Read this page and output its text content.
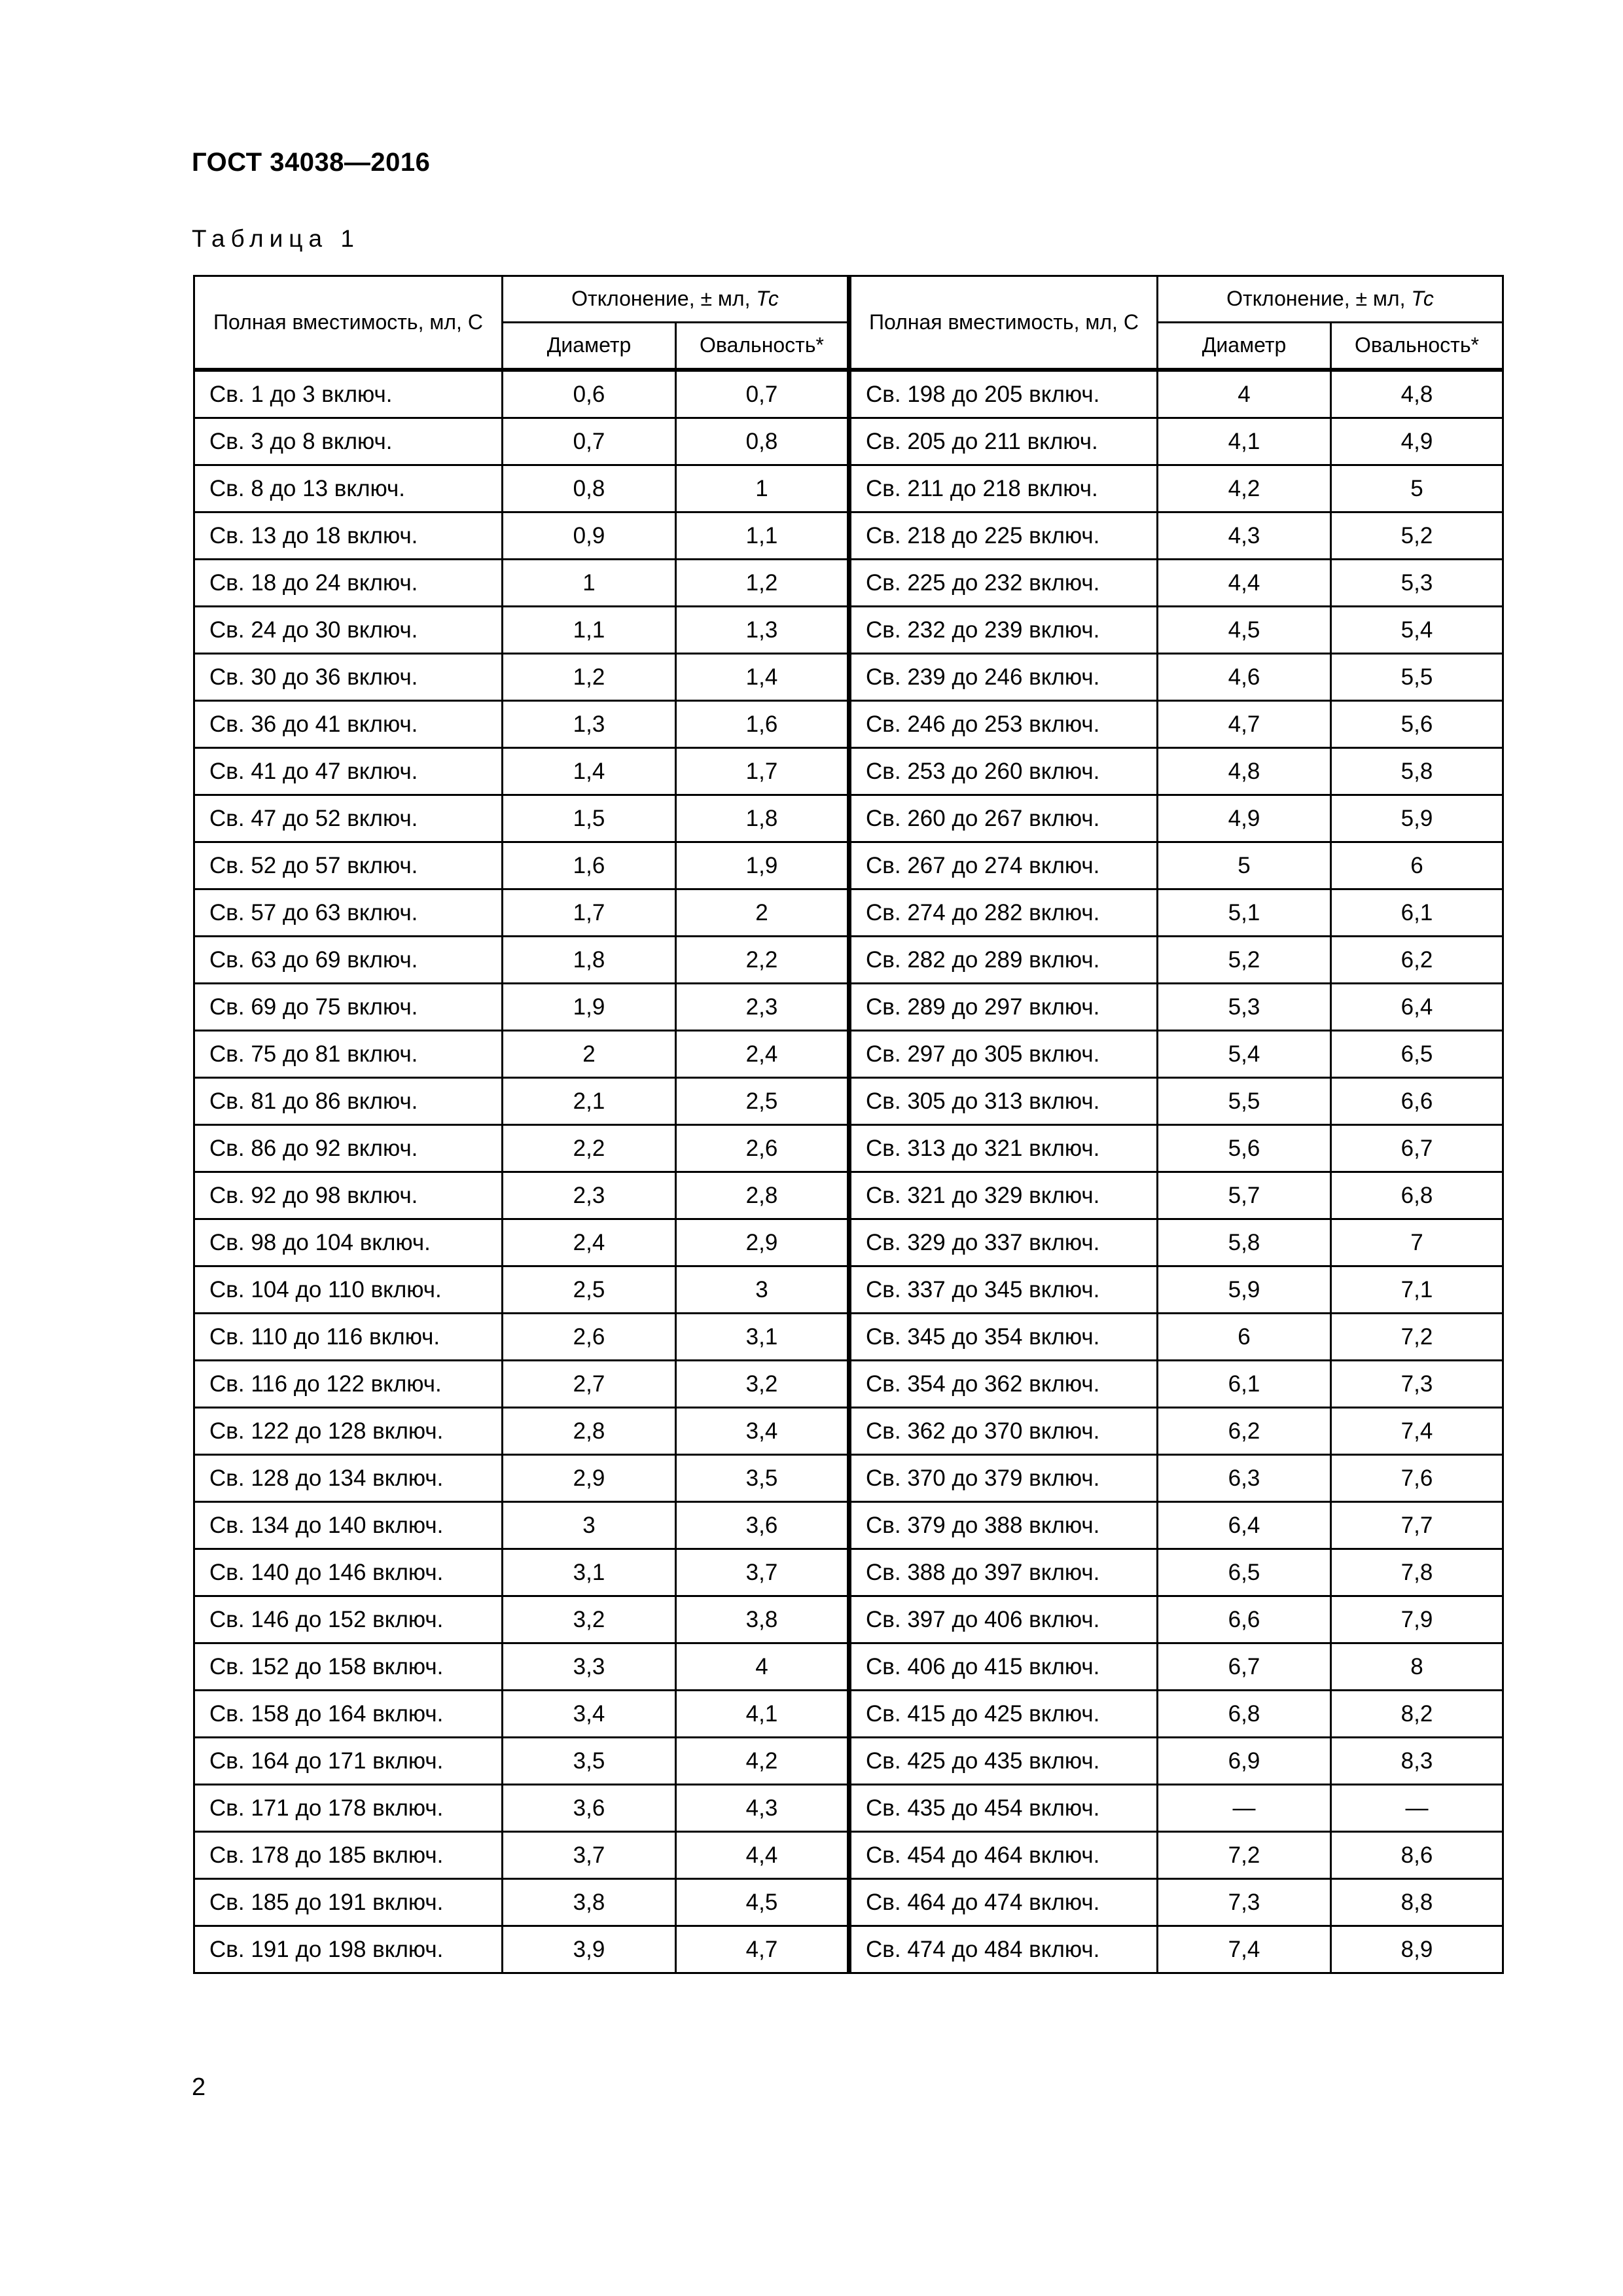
ГОСТ 34038—2016
Таблица 1
Полная вместимость, мл, С	Отклонение, ± мл, Тс		Полная вместимость, мл, С	Отклонение, ± мл, Тс	
	Диаметр	Овальность*		Диаметр	Овальность*
Св. 1 до 3 включ.	0,6	0,7	Св. 198 до 205 включ.	4	4,8
Св. 3 до 8 включ.	0,7	0,8	Св. 205 до 211 включ.	4,1	4,9
Св. 8 до 13 включ.	0,8	1	Св. 211 до 218 включ.	4,2	5
Св. 13 до 18 включ.	0,9	1,1	Св. 218 до 225 включ.	4,3	5,2
Св. 18 до 24 включ.	1	1,2	Св. 225 до 232 включ.	4,4	5,3
Св. 24 до 30 включ.	1,1	1,3	Св. 232 до 239 включ.	4,5	5,4
Св. 30 до 36 включ.	1,2	1,4	Св. 239 до 246 включ.	4,6	5,5
Св. 36 до 41 включ.	1,3	1,6	Св. 246 до 253 включ.	4,7	5,6
Св. 41 до 47 включ.	1,4	1,7	Св. 253 до 260 включ.	4,8	5,8
Св. 47 до 52 включ.	1,5	1,8	Св. 260 до 267 включ.	4,9	5,9
Св. 52 до 57 включ.	1,6	1,9	Св. 267 до 274 включ.	5	6
Св. 57 до 63 включ.	1,7	2	Св. 274 до 282 включ.	5,1	6,1
Св. 63 до 69 включ.	1,8	2,2	Св. 282 до 289 включ.	5,2	6,2
Св. 69 до 75 включ.	1,9	2,3	Св. 289 до 297 включ.	5,3	6,4
Св. 75 до 81 включ.	2	2,4	Св. 297 до 305 включ.	5,4	6,5
Св. 81 до 86 включ.	2,1	2,5	Св. 305 до 313 включ.	5,5	6,6
Св. 86 до 92 включ.	2,2	2,6	Св. 313 до 321 включ.	5,6	6,7
Св. 92 до 98 включ.	2,3	2,8	Св. 321 до 329 включ.	5,7	6,8
Св. 98 до 104 включ.	2,4	2,9	Св. 329 до 337 включ.	5,8	7
Св. 104 до 110 включ.	2,5	3	Св. 337 до 345 включ.	5,9	7,1
Св. 110 до 116 включ.	2,6	3,1	Св. 345 до 354 включ.	6	7,2
Св. 116 до 122 включ.	2,7	3,2	Св. 354 до 362 включ.	6,1	7,3
Св. 122 до 128 включ.	2,8	3,4	Св. 362 до 370 включ.	6,2	7,4
Св. 128 до 134 включ.	2,9	3,5	Св. 370 до 379 включ.	6,3	7,6
Св. 134 до 140 включ.	3	3,6	Св. 379 до 388 включ.	6,4	7,7
Св. 140 до 146 включ.	3,1	3,7	Св. 388 до 397 включ.	6,5	7,8
Св. 146 до 152 включ.	3,2	3,8	Св. 397 до 406 включ.	6,6	7,9
Св. 152 до 158 включ.	3,3	4	Св. 406 до 415 включ.	6,7	8
Св. 158 до 164 включ.	3,4	4,1	Св. 415 до 425 включ.	6,8	8,2
Св. 164 до 171 включ.	3,5	4,2	Св. 425 до 435 включ.	6,9	8,3
Св. 171 до 178 включ.	3,6	4,3	Св. 435 до 454 включ.	—	—
Св. 178 до 185 включ.	3,7	4,4	Св. 454 до 464 включ.	7,2	8,6
Св. 185 до 191 включ.	3,8	4,5	Св. 464 до 474 включ.	7,3	8,8
Св. 191 до 198 включ.	3,9	4,7	Св. 474 до 484 включ.	7,4	8,9
2
